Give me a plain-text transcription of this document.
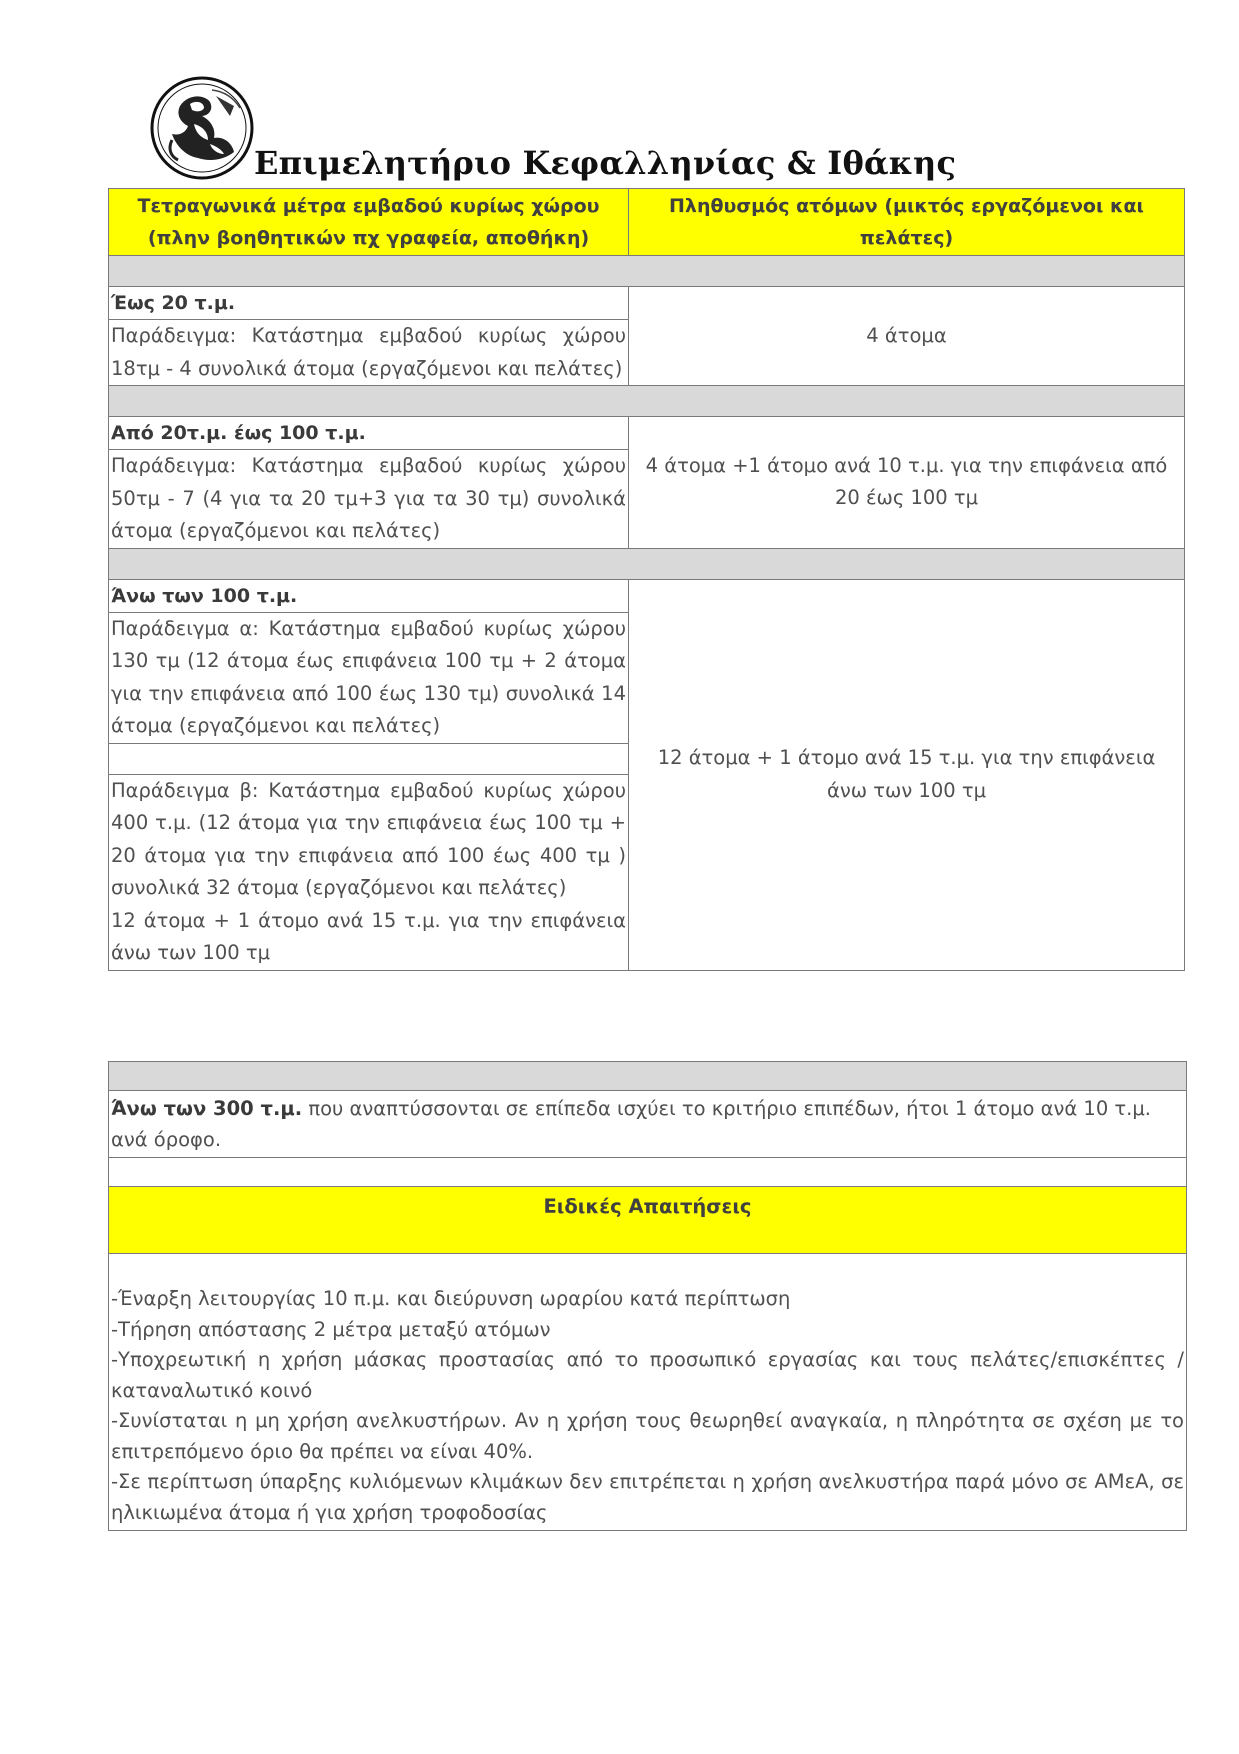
Επιμελητήριο Κεφαλληνίας & Ιθάκης
Τετραγωνικά μέτρα εμβαδού κυρίως χώρου (πλην βοηθητικών πχ γραφεία, αποθήκη)	Πληθυσμός ατόμων (μικτός εργαζόμενοι και πελάτες)

Έως 20 τ.μ.	4 άτομα
Παράδειγμα: Κατάστημα εμβαδού κυρίως χώρου 18τμ - 4 συνολικά άτομα (εργαζόμενοι και πελάτες)	

Από 20τ.μ. έως 100 τ.μ.	4 άτομα +1 άτομο ανά 10 τ.μ. για την επιφάνεια από 20 έως 100 τμ
Παράδειγμα: Κατάστημα εμβαδού κυρίως χώρου 50τμ - 7 (4 για τα 20 τμ+3 για τα 30 τμ) συνολικά άτομα (εργαζόμενοι και πελάτες)	

Άνω των 100 τ.μ.	12 άτομα + 1 άτομο ανά 15 τ.μ. για την επιφάνεια άνω των 100 τμ
Παράδειγμα α: Κατάστημα εμβαδού κυρίως χώρου 130 τμ (12 άτομα έως επιφάνεια 100 τμ + 2 άτομα για την επιφάνεια από 100 έως 130 τμ) συνολικά 14 άτομα (εργαζόμενοι και πελάτες)	

Παράδειγμα β: Κατάστημα εμβαδού κυρίως χώρου 400 τ.μ. (12 άτομα για την επιφάνεια έως 100 τμ + 20 άτομα για την επιφάνεια από 100 έως 400 τμ ) συνολικά 32 άτομα (εργαζόμενοι και πελάτες)	
12 άτομα + 1 άτομο ανά 15 τ.μ. για την επιφάνεια άνω των 100 τμ	

Άνω των 300 τ.μ. που αναπτύσσονται σε επίπεδα ισχύει το κριτήριο επιπέδων, ήτοι 1 άτομο ανά 10 τ.μ. ανά όροφο.

Ειδικές Απαιτήσεις

-Έναρξη λειτουργίας 10 π.μ. και διεύρυνση ωραρίου κατά περίπτωση
-Τήρηση απόστασης 2 μέτρα μεταξύ ατόμων
-Υποχρεωτική η χρήση μάσκας προστασίας από το προσωπικό εργασίας και τους πελάτες/επισκέπτες /καταναλωτικό κοινό
-Συνίσταται η μη χρήση ανελκυστήρων. Αν η χρήση τους θεωρηθεί αναγκαία, η πληρότητα σε σχέση με το επιτρεπόμενο όριο θα πρέπει να είναι 40%.
-Σε περίπτωση ύπαρξης κυλιόμενων κλιμάκων δεν επιτρέπεται η χρήση ανελκυστήρα παρά μόνο σε ΑΜεΑ, σε ηλικιωμένα άτομα ή για χρήση τροφοδοσίας
